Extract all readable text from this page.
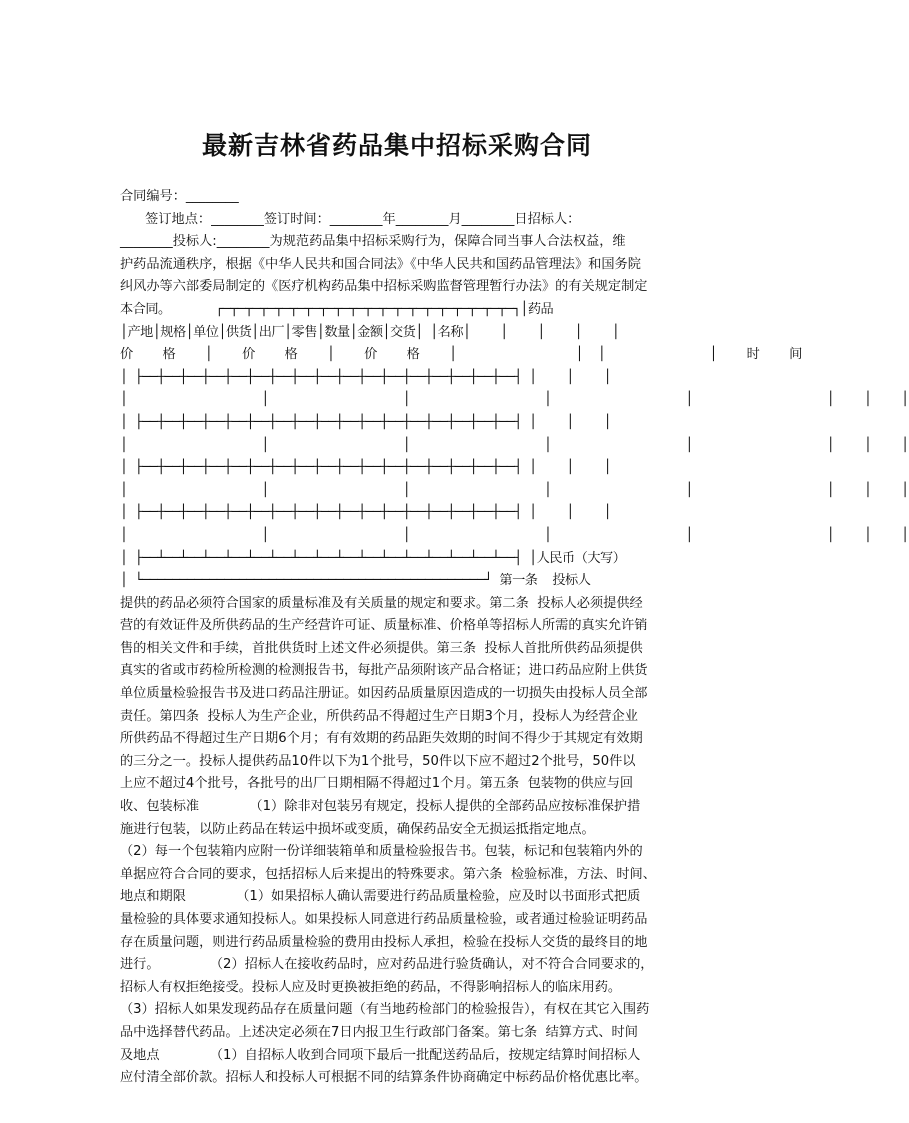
最新吉林省药品集中招标采购合同

合同编号：________

签订地点：________签订时间：________年________月________日招标人：

________投标人:________为规范药品集中招标采购行为，保障合同当事人合法权益，维

护药品流通秩序，根据《中华人民共和国合同法》《中华人民共和国药品管理法》和国务院

纠风办等六部委局制定的《医疗机构药品集中招标采购监督管理暂行办法》的有关规定制定

本合同。      ┌─┬─┬─┬─┬─┬─┬─┬─┬─┬─┬─┬─┬─┬─┬─┬─┬─┬─┬─┬─┐│药品

│产地│规格│单位│供货│出厂│零售│数量│金额│交货│ │名称│    │    │    │    │

价    格    │    价    格    │    价    格    │                │  │              │    时    间

│ ├──┼──┼──┼──┼──┼──┼──┼──┼──┼──┼──┼──┼──┼──┼──┼──┼──┤ │    │    │

│                  │                  │                  │                  │                  │    │    │

│ ├──┼──┼──┼──┼──┼──┼──┼──┼──┼──┼──┼──┼──┼──┼──┼──┼──┤ │    │    │

│                  │                  │                  │                  │                  │    │    │

│ ├──┼──┼──┼──┼──┼──┼──┼──┼──┼──┼──┼──┼──┼──┼──┼──┼──┤ │    │    │

│                  │                  │                  │                  │                  │    │    │

│ ├──┼──┼──┼──┼──┼──┼──┼──┼──┼──┼──┼──┼──┼──┼──┼──┼──┤ │    │    │

│                  │                  │                  │                  │                  │    │    │

│ ├──┴──┴──┴──┴──┴──┴──┴──┴──┴──┴──┴──┴──┴──┴──┴──┴──┤ │人民币（大写）

│ └──────────────────────────────────────────────┘ 第一条  投标人

提供的药品必须符合国家的质量标准及有关质量的规定和要求。第二条  投标人必须提供经

营的有效证件及所供药品的生产经营许可证、质量标准、价格单等招标人所需的真实允许销

售的相关文件和手续，首批供货时上述文件必须提供。第三条  投标人首批所供药品须提供

真实的省或市药检所检测的检测报告书，每批产品须附该产品合格证；进口药品应附上供货

单位质量检验报告书及进口药品注册证。如因药品质量原因造成的一切损失由投标人员全部

责任。第四条  投标人为生产企业，所供药品不得超过生产日期3个月，投标人为经营企业

所供药品不得超过生产日期6个月；有有效期的药品距失效期的时间不得少于其规定有效期

的三分之一。投标人提供药品10件以下为1个批号，50件以下应不超过2个批号，50件以

上应不超过4个批号，各批号的出厂日期相隔不得超过1个月。第五条  包装物的供应与回

收、包装标准            （1）除非对包装另有规定，投标人提供的全部药品应按标准保护措

施进行包装，以防止药品在转运中损坏或变质，确保药品安全无损运抵指定地点。

（2）每一个包装箱内应附一份详细装箱单和质量检验报告书。包装，标记和包装箱内外的

单据应符合合同的要求，包括招标人后来提出的特殊要求。第六条  检验标准，方法、时间、

地点和期限            （1）如果招标人确认需要进行药品质量检验，应及时以书面形式把质

量检验的具体要求通知投标人。如果投标人同意进行药品质量检验，或者通过检验证明药品

存在质量问题，则进行药品质量检验的费用由投标人承担，检验在投标人交货的最终目的地

进行。            （2）招标人在接收药品时，应对药品进行验货确认，对不符合合同要求的，

招标人有权拒绝接受。投标人应及时更换被拒绝的药品，不得影响招标人的临床用药。

（3）招标人如果发现药品存在质量问题（有当地药检部门的检验报告），有权在其它入围药

品中选择替代药品。上述决定必须在7日内报卫生行政部门备案。第七条  结算方式、时间

及地点            （1）自招标人收到合同项下最后一批配送药品后，按规定结算时间招标人

应付清全部价款。招标人和投标人可根据不同的结算条件协商确定中标药品价格优惠比率。
